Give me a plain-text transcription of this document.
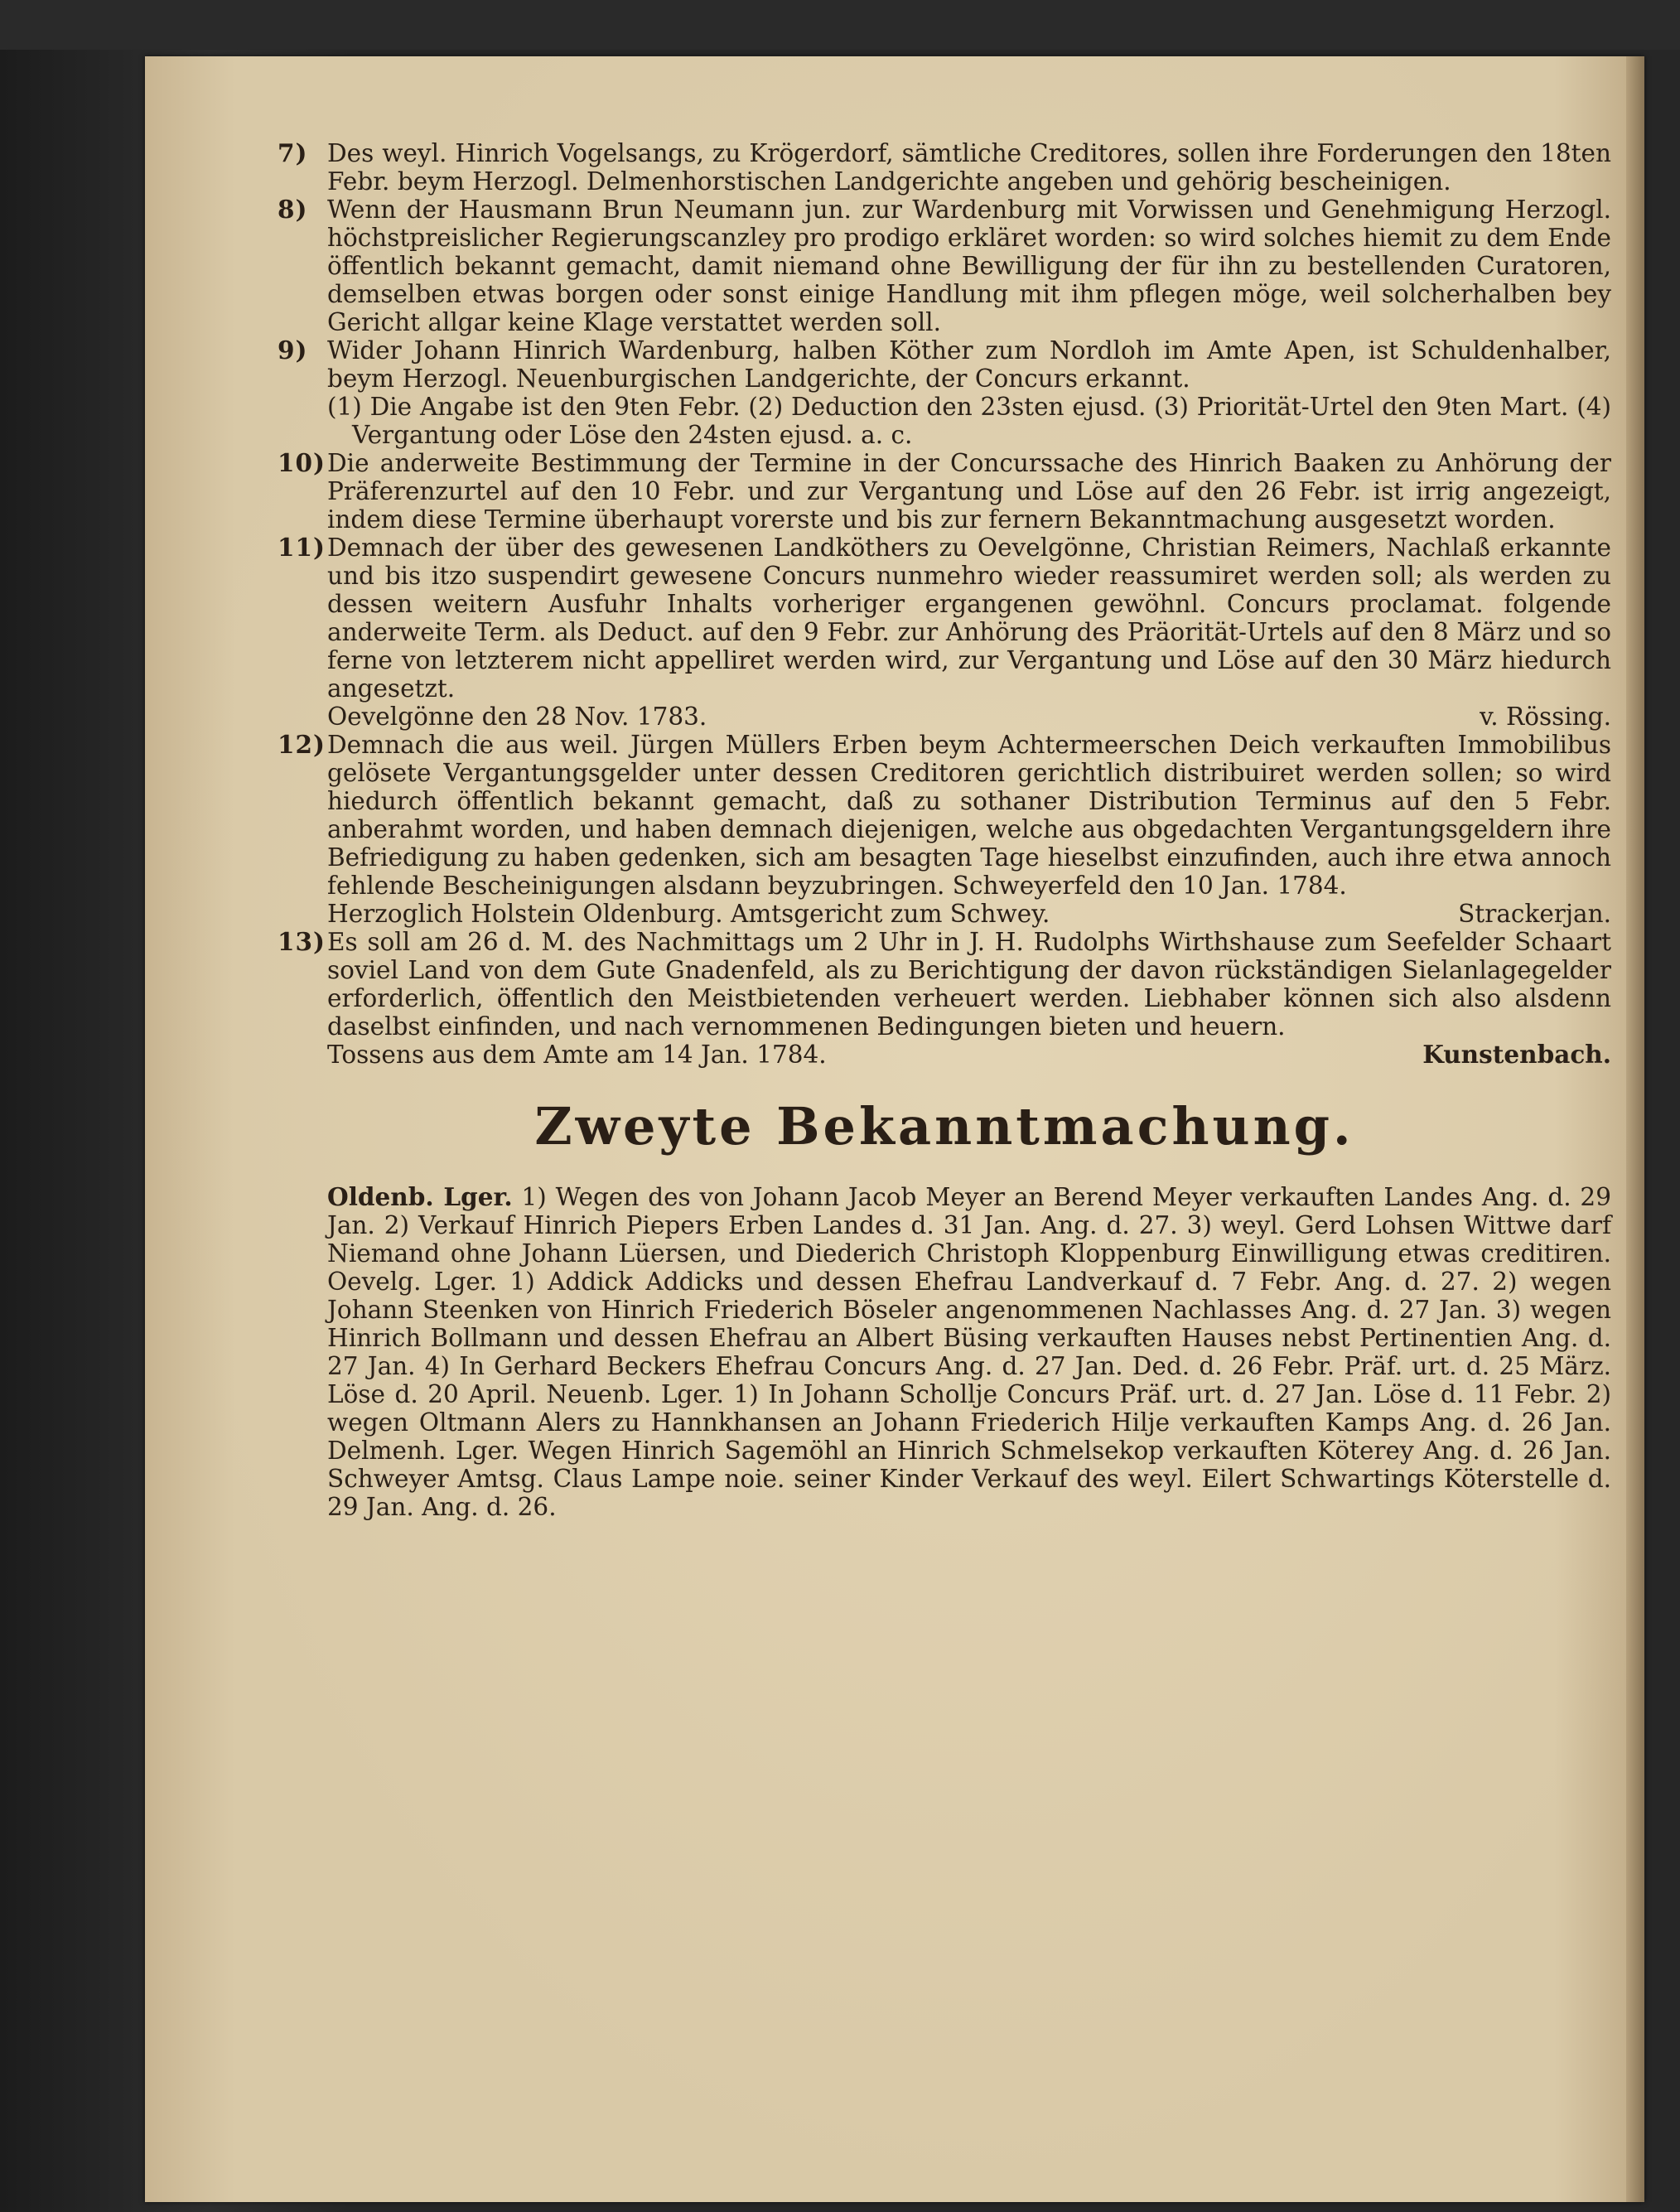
7) Des weyl. Hinrich Vogelsangs, zu Krögerdorf, sämtliche Creditores, sollen ihre Forderungen den 18ten Febr. beym Herzogl. Delmenhorstischen Landgerichte angeben und gehörig bescheinigen.
8) Wenn der Hausmann Brun Neumann jun. zur Wardenburg mit Vorwissen und Genehmigung Herzogl. höchstpreislicher Regierungscanzley pro prodigo erkläret worden: so wird solches hiemit zu dem Ende öffentlich bekannt gemacht, damit niemand ohne Bewilligung der für ihn zu bestellenden Curatoren, demselben etwas borgen oder sonst einige Handlung mit ihm pflegen möge, weil solcherhalben bey Gericht allgar keine Klage verstattet werden soll.
9) Wider Johann Hinrich Wardenburg, halben Köther zum Nordloh im Amte Apen, ist Schuldenhalber, beym Herzogl. Neuenburgischen Landgerichte, der Concurs erkannt.
(1) Die Angabe ist den 9ten Febr. (2) Deduction den 23sten ejusd. (3) Priorität-Urtel den 9ten Mart. (4) Vergantung oder Löse den 24sten ejusd. a. c.
10) Die anderweite Bestimmung der Termine in der Concurssache des Hinrich Baaken zu Anhörung der Präferenzurtel auf den 10 Febr. und zur Vergantung und Löse auf den 26 Febr. ist irrig angezeigt, indem diese Termine überhaupt vorerste und bis zur fernern Bekanntmachung ausgesetzt worden.
11) Demnach der über des gewesenen Landköthers zu Oevelgönne, Christian Reimers, Nachlaß erkannte und bis itzo suspendirt gewesene Concurs nunmehro wieder reassumiret werden soll; als werden zu dessen weitern Ausfuhr Inhalts vorheriger ergangenen gewöhnl. Concurs proclamat. folgende anderweite Term. als Deduct. auf den 9 Febr. zur Anhörung des Präorität-Urtels auf den 8 März und so ferne von letzterem nicht appelliret werden wird, zur Vergantung und Löse auf den 30 März hiedurch angesetzt.
Oevelgönne den 28 Nov. 1783.	v. Rössing.
12) Demnach die aus weil. Jürgen Müllers Erben beym Achtermeerschen Deich verkauften Immobilibus gelösete Vergantungsgelder unter dessen Creditoren gerichtlich distribuiret werden sollen; so wird hiedurch öffentlich bekannt gemacht, daß zu sothaner Distribution Terminus auf den 5 Febr. anberahmt worden, und haben demnach diejenigen, welche aus obgedachten Vergantungsgeldern ihre Befriedigung zu haben gedenken, sich am besagten Tage hieselbst einzufinden, auch ihre etwa annoch fehlende Bescheinigungen alsdann beyzubringen. Schweyerfeld den 10 Jan. 1784.
Herzoglich Holstein Oldenburg. Amtsgericht zum Schwey.	Strackerjan.
13) Es soll am 26 d. M. des Nachmittags um 2 Uhr in J. H. Rudolphs Wirthshause zum Seefelder Schaart soviel Land von dem Gute Gnadenfeld, als zu Berichtigung der davon rückständigen Sielanlagegelder erforderlich, öffentlich den Meistbietenden verheuert werden. Liebhaber können sich also alsdenn daselbst einfinden, und nach vernommenen Bedingungen bieten und heuern.
Tossens aus dem Amte am 14 Jan. 1784.	Kunstenbach.
Zweyte Bekanntmachung.
Oldenb. Lger. 1) Wegen des von Johann Jacob Meyer an Berend Meyer verkauften Landes Ang. d. 29 Jan. 2) Verkauf Hinrich Piepers Erben Landes d. 31 Jan. Ang. d. 27. 3) weyl. Gerd Lohsen Wittwe darf Niemand ohne Johann Lüersen, und Diederich Christoph Kloppenburg Einwilligung etwas creditiren. Oevelg. Lger. 1) Addick Addicks und dessen Ehefrau Landverkauf d. 7 Febr. Ang. d. 27. 2) wegen Johann Steenken von Hinrich Friederich Böseler angenommenen Nachlasses Ang. d. 27 Jan. 3) wegen Hinrich Bollmann und dessen Ehefrau an Albert Büsing verkauften Hauses nebst Pertinentien Ang. d. 27 Jan. 4) In Gerhard Beckers Ehefrau Concurs Ang. d. 27 Jan. Ded. d. 26 Febr. Präf. urt. d. 25 März. Löse d. 20 April. Neuenb. Lger. 1) In Johann Schollje Concurs Präf. urt. d. 27 Jan. Löse d. 11 Febr. 2) wegen Oltmann Alers zu Hannkhansen an Johann Friederich Hilje verkauften Kamps Ang. d. 26 Jan. Delmenh. Lger. Wegen Hinrich Sagemöhl an Hinrich Schmelsekop verkauften Köterey Ang. d. 26 Jan. Schweyer Amtsg. Claus Lampe noie. seiner Kinder Verkauf des weyl. Eilert Schwartings Köterstelle d. 29 Jan. Ang. d. 26.
